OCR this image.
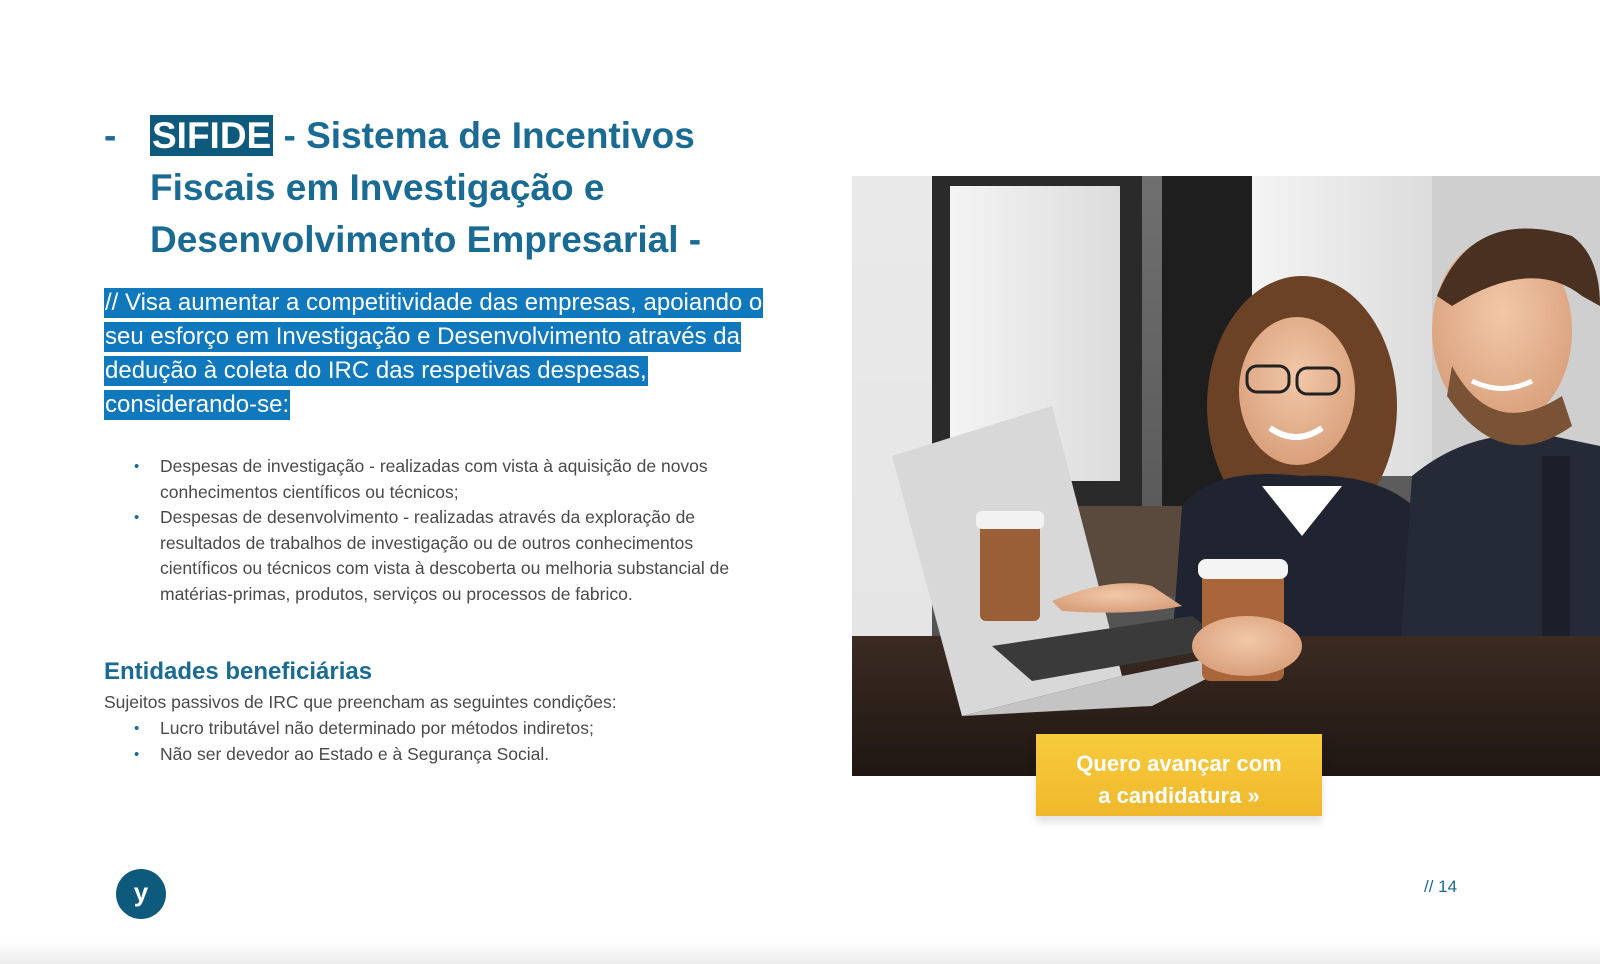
- SIFIDE - Sistema de Incentivos Fiscais em Investigação e Desenvolvimento Empresarial -
// Visa aumentar a competitividade das empresas, apoiando o seu esforço em Investigação e Desenvolvimento através da dedução à coleta do IRC das respetivas despesas, considerando-se:
• Despesas de investigação - realizadas com vista à aquisição de novos conhecimentos científicos ou técnicos;
• Despesas de desenvolvimento - realizadas através da exploração de resultados de trabalhos de investigação ou de outros conhecimentos científicos ou técnicos com vista à descoberta ou melhoria substancial de matérias-primas, produtos, serviços ou processos de fabrico.
Entidades beneficiárias
Sujeitos passivos de IRC que preencham as seguintes condições:
• Lucro tributável não determinado por métodos indiretos;
• Não ser devedor ao Estado e à Segurança Social.	Quero avançar com
a candidatura »
y	// 14
